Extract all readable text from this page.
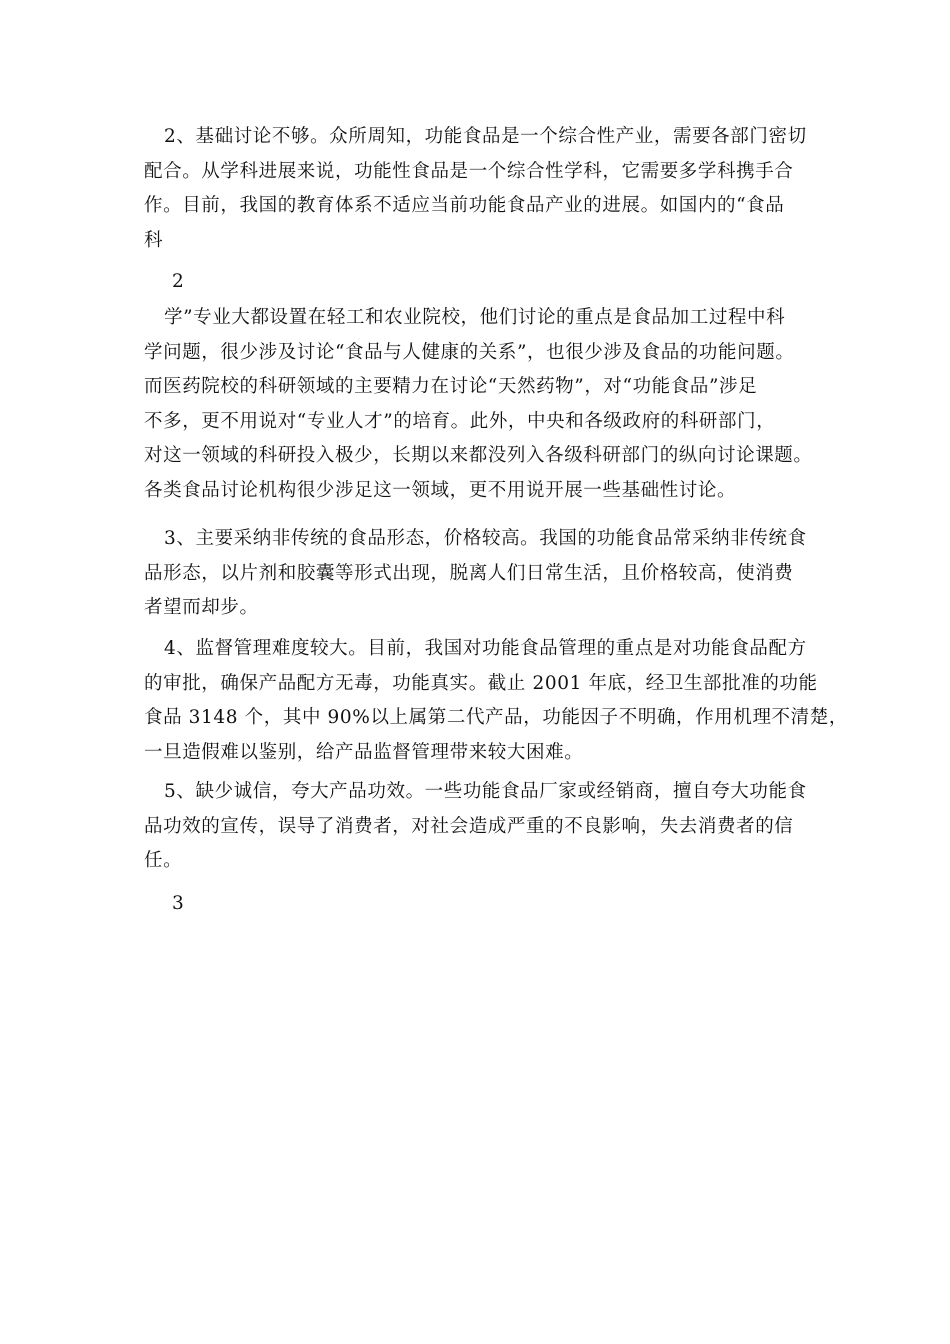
2、基础讨论不够。众所周知，功能食品是一个综合性产业，需要各部门密切
配合。从学科进展来说，功能性食品是一个综合性学科，它需要多学科携手合
作。目前，我国的教育体系不适应当前功能食品产业的进展。如国内的“食品
科
2
学”专业大都设置在轻工和农业院校，他们讨论的重点是食品加工过程中科
学问题，很少涉及讨论“食品与人健康的关系”，也很少涉及食品的功能问题。
而医药院校的科研领域的主要精力在讨论“天然药物”，对“功能食品”涉足
不多，更不用说对“专业人才”的培育。此外，中央和各级政府的科研部门，
对这一领域的科研投入极少，长期以来都没列入各级科研部门的纵向讨论课题。
各类食品讨论机构很少涉足这一领域，更不用说开展一些基础性讨论。
3、主要采纳非传统的食品形态，价格较高。我国的功能食品常采纳非传统食
品形态，以片剂和胶囊等形式出现，脱离人们日常生活，且价格较高，使消费
者望而却步。
4、监督管理难度较大。目前，我国对功能食品管理的重点是对功能食品配方
的审批，确保产品配方无毒，功能真实。截止 2001 年底，经卫生部批准的功能
食品 3148 个，其中 90%以上属第二代产品，功能因子不明确，作用机理不清楚，
一旦造假难以鉴别，给产品监督管理带来较大困难。
5、缺少诚信，夸大产品功效。一些功能食品厂家或经销商，擅自夸大功能食
品功效的宣传，误导了消费者，对社会造成严重的不良影响，失去消费者的信
任。
3
